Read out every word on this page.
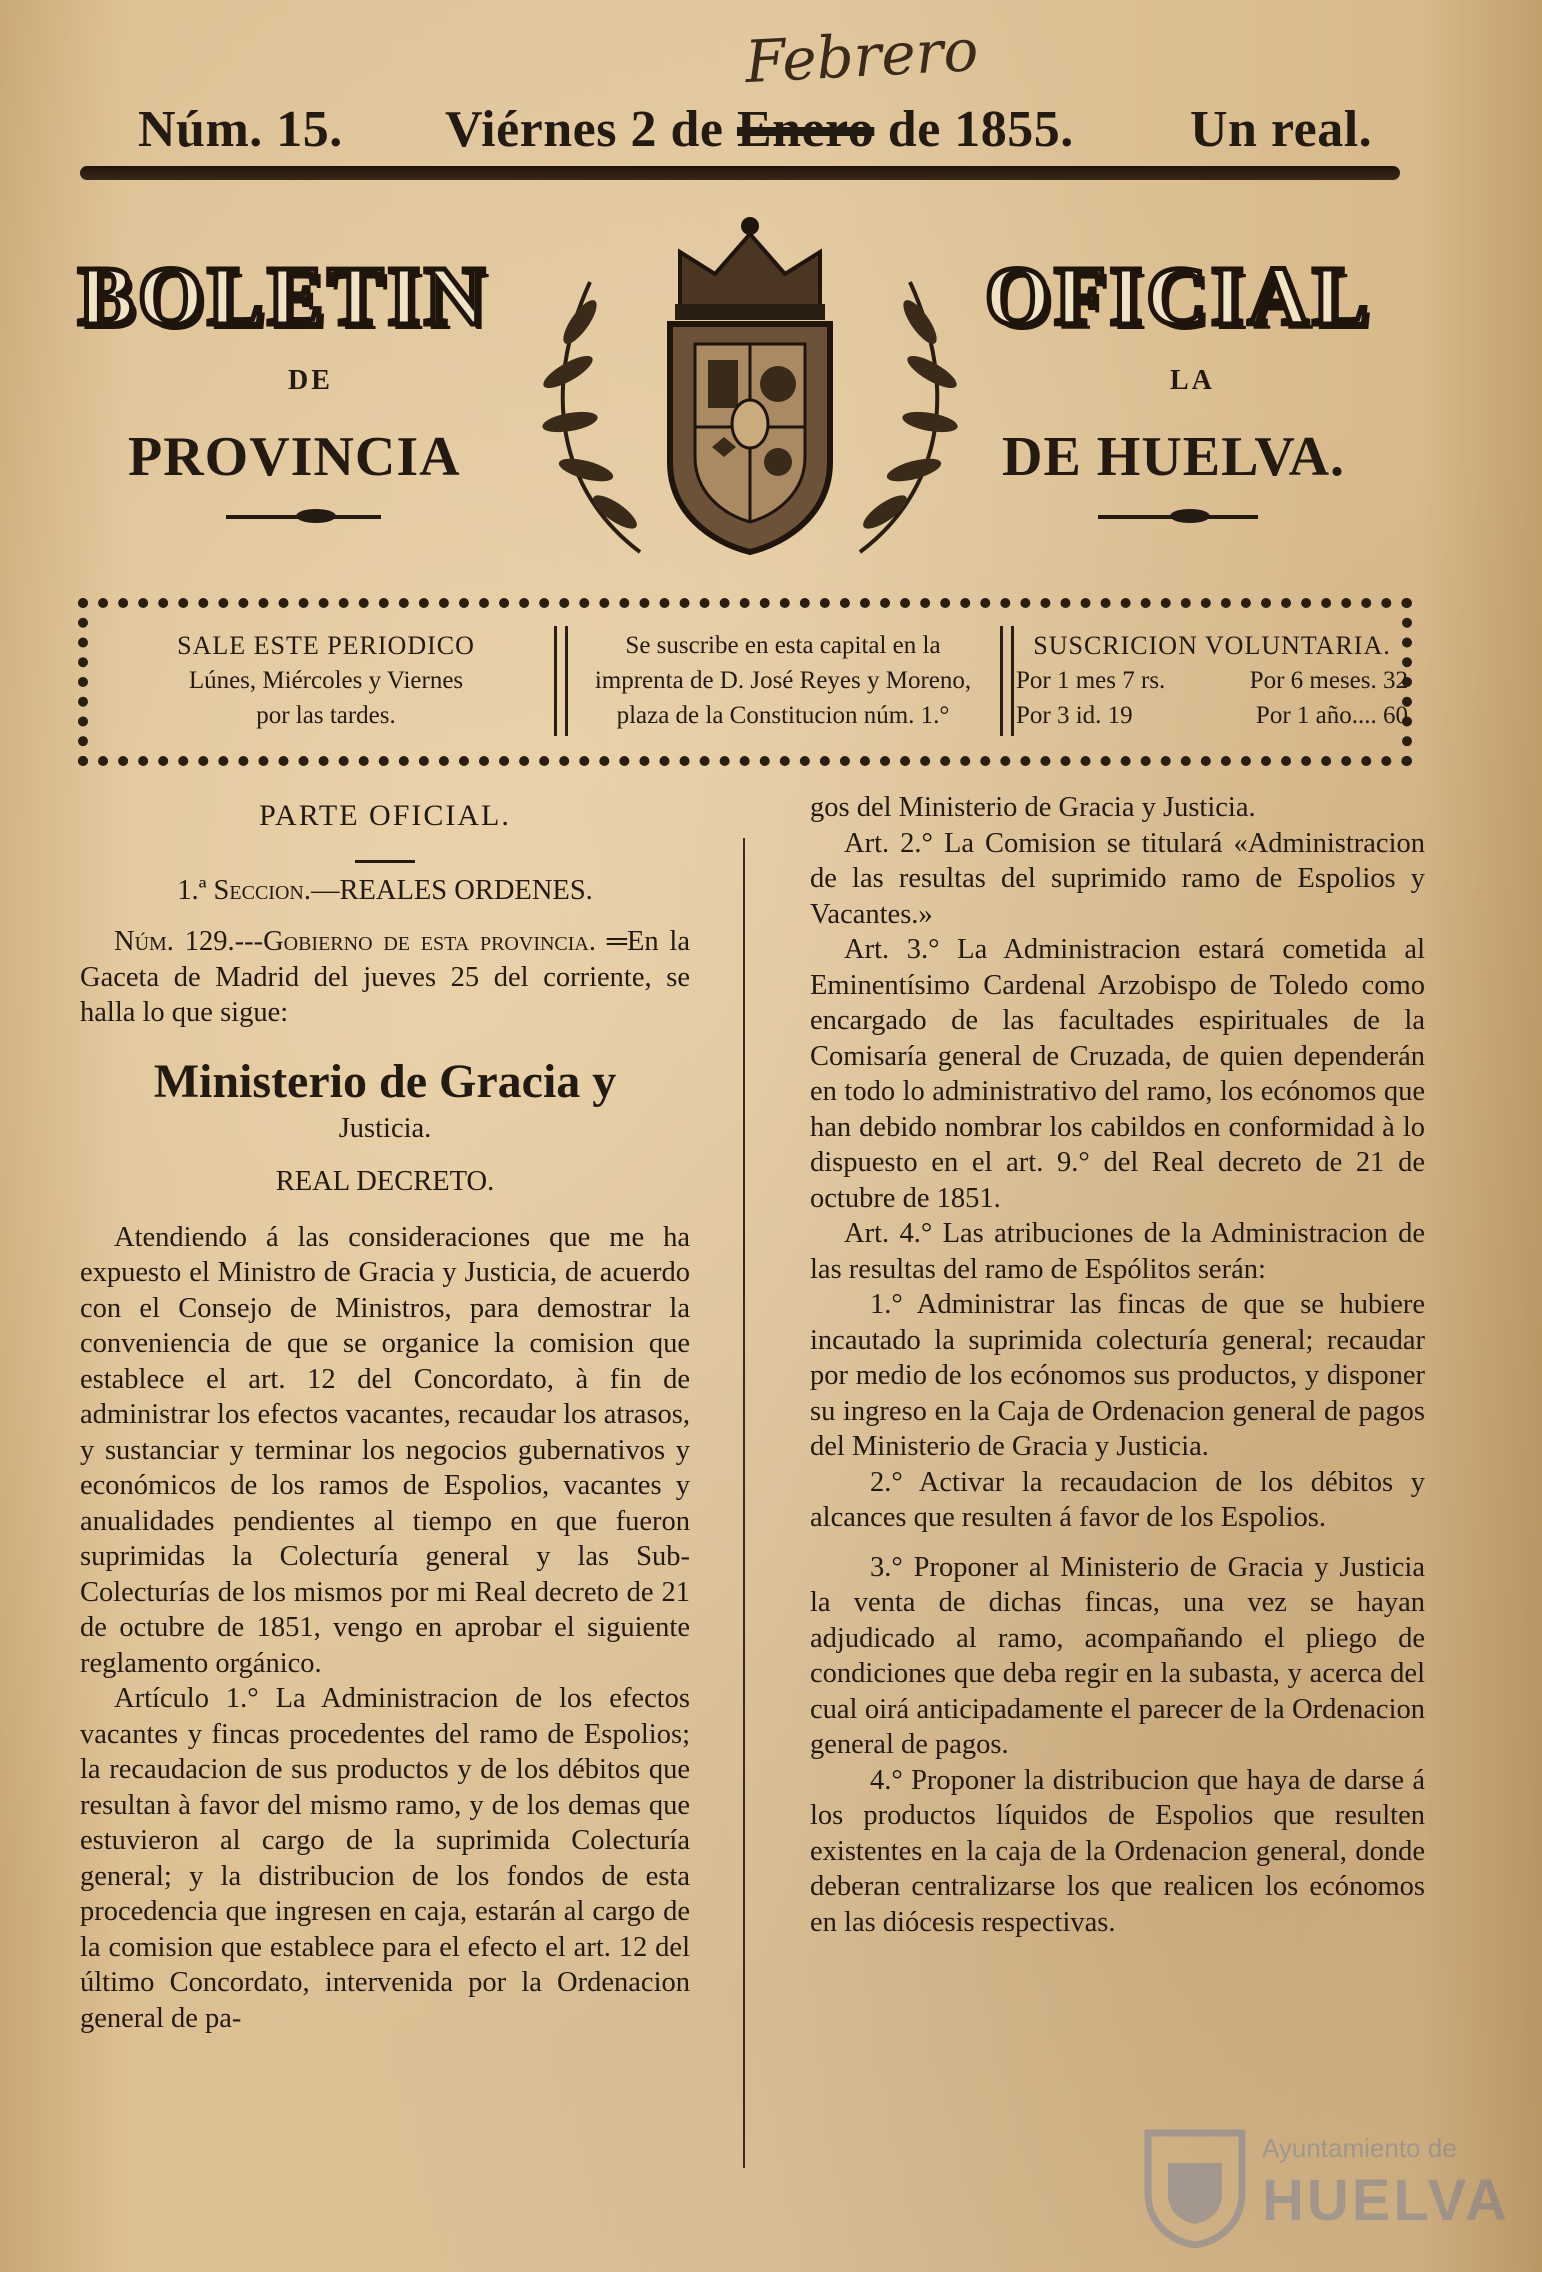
Febrero
Núm. 15. Viérnes 2 de Enero de 1855. Un real.
BOLETIN	OFICIAL
DE	LA
PROVINCIA	DE HUELVA.
SALE ESTE PERIODICO
Lúnes, Miércoles y Viernes
por las tardes.
Se suscribe en esta capital en la
imprenta de D. José Reyes y Moreno,
plaza de la Constitucion núm. 1.°
SUSCRICION VOLUNTARIA.
Por 1 mes 7 rs.	Por 6 meses. 32
Por 3 id. 19	Por 1 año.... 60

PARTE OFICIAL.

1.ª Seccion.—REALES ORDENES.

Núm. 129.---Gobierno de esta provincia. ═En la Gaceta de Madrid del jueves 25 del corriente, se halla lo que sigue:

Ministerio de Gracia y

Justicia.

REAL DECRETO.

Atendiendo á las consideraciones que me ha expuesto el Ministro de Gracia y Justicia, de acuerdo con el Consejo de Ministros, para demostrar la conveniencia de que se organice la comision que establece el art. 12 del Concordato, à fin de administrar los efectos vacantes, recaudar los atrasos, y sustanciar y terminar los negocios gubernativos y económicos de los ramos de Espolios, vacantes y anualidades pendientes al tiempo en que fueron suprimidas la Colecturía general y las Sub-Colecturías de los mismos por mi Real decreto de 21 de octubre de 1851, vengo en aprobar el siguiente reglamento orgánico.

Artículo 1.° La Administracion de los efectos vacantes y fincas procedentes del ramo de Espolios; la recaudacion de sus productos y de los débitos que resultan à favor del mismo ramo, y de los demas que estuvieron al cargo de la suprimida Colecturía general; y la distribucion de los fondos de esta procedencia que ingresen en caja, estarán al cargo de la comision que establece para el efecto el art. 12 del último Concordato, intervenida por la Ordenacion general de pa-

gos del Ministerio de Gracia y Justicia.

Art. 2.° La Comision se titulará «Administracion de las resultas del suprimido ramo de Espolios y Vacantes.»

Art. 3.° La Administracion estará cometida al Eminentísimo Cardenal Arzobispo de Toledo como encargado de las facultades espirituales de la Comisaría general de Cruzada, de quien dependerán en todo lo administrativo del ramo, los ecónomos que han debido nombrar los cabildos en conformidad à lo dispuesto en el art. 9.° del Real decreto de 21 de octubre de 1851.

Art. 4.° Las atribuciones de la Administracion de las resultas del ramo de Espólitos serán:

1.° Administrar las fincas de que se hubiere incautado la suprimida colecturía general; recaudar por medio de los ecónomos sus productos, y disponer su ingreso en la Caja de Ordenacion general de pagos del Ministerio de Gracia y Justicia.

2.° Activar la recaudacion de los débitos y alcances que resulten á favor de los Espolios.

3.° Proponer al Ministerio de Gracia y Justicia la venta de dichas fincas, una vez se hayan adjudicado al ramo, acompañando el pliego de condiciones que deba regir en la subasta, y acerca del cual oirá anticipadamente el parecer de la Ordenacion general de pagos.

4.° Proponer la distribucion que haya de darse á los productos líquidos de Espolios que resulten existentes en la caja de la Ordenacion general, donde deberan centralizarse los que realicen los ecónomos en las diócesis respectivas.

Ayuntamiento de
HUELVA
